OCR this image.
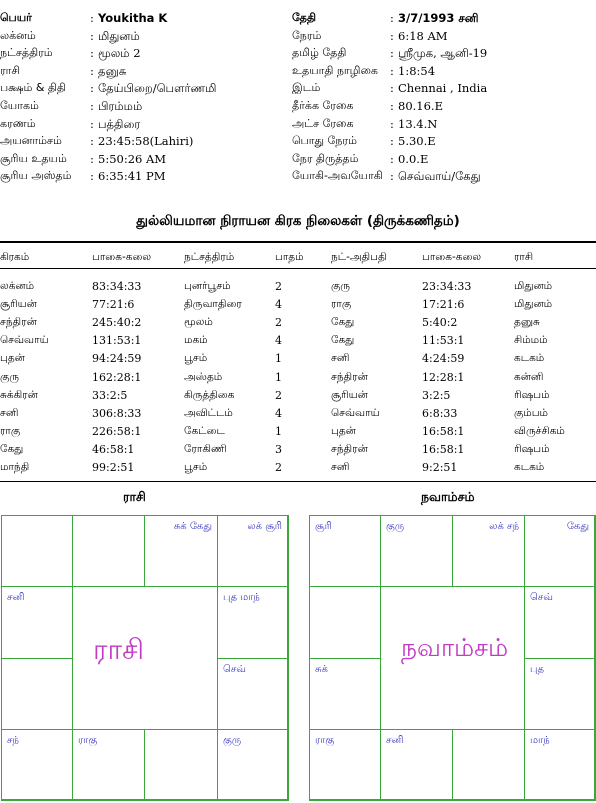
பெயர்	: Youkitha K
லக்னம்	: மிதுனம்
நட்சத்திரம்	: மூலம் 2
ராசி	: தனுசு
பக்ஷம் & திதி : தேய்பிறை/பௌர்ணமி
யோகம்	: பிரம்மம்
கரணம்	: பத்திரை
அயனாம்சம் : 23:45:58(Lahiri)
சூரிய உதயம் : 5:50:26 AM
சூரிய அஸ்தம் : 6:35:41 PM
தேதி	: 3/7/1993 சனி
நேரம்	: 6:18 AM
தமிழ் தேதி	: ஸ்ரீமுக, ஆனி-19
உதயாதி நாழிகை : 1:8:54
இடம்	: Chennai , India
தீர்க்க ரேகை	: 80.16.E
அட்ச ரேகை	: 13.4.N
பொது நேரம்	: 5.30.E
நேர திருத்தம்	: 0.0.E
யோகி-அவயோகி : செவ்வாய்/கேது
துல்லியமான நிராயன கிரக நிலைகள் (திருக்கணிதம்)
கிரகம்	பாகை-கலை	நட்சத்திரம்	பாதம்	நட்-அதிபதி	பாகை-கலை	ராசி
லக்னம்	83:34:33	புனர்பூசம்	2	குரு	23:34:33	மிதுனம்
சூரியன்	77:21:6	திருவாதிரை	4	ராகு	17:21:6	மிதுனம்
சந்திரன்	245:40:2	மூலம்	2	கேது	5:40:2	தனுசு
செவ்வாய்	131:53:1	மகம்	4	கேது	11:53:1	சிம்மம்
புதன்	94:24:59	பூசம்	1	சனி	4:24:59	கடகம்
குரு	162:28:1	அஸ்தம்	1	சந்திரன்	12:28:1	கன்னி
சுக்கிரன்	33:2:5	கிருத்திகை	2	சூரியன்	3:2:5	ரிஷபம்
சனி	306:8:33	அவிட்டம்	4	செவ்வாய்	6:8:33	கும்பம்
ராகு	226:58:1	கேட்டை	1	புதன்	16:58:1	விருச்சிகம்
கேது	46:58:1	ரோகிணி	3	சந்திரன்	16:58:1	ரிஷபம்
மாந்தி	99:2:51	பூசம்	2	சனி	9:2:51	கடகம்
ராசி	நவாம்சம்
சுக் கேது	லக் சூரி
சனி	புத மாந்
செவ்
சந்	ராகு	குரு
ராசி
சூரி	குரு	லக் சந்	கேது
செவ்
சுக்	புத
ராகு	சனி	மாந்
நவாம்சம்
